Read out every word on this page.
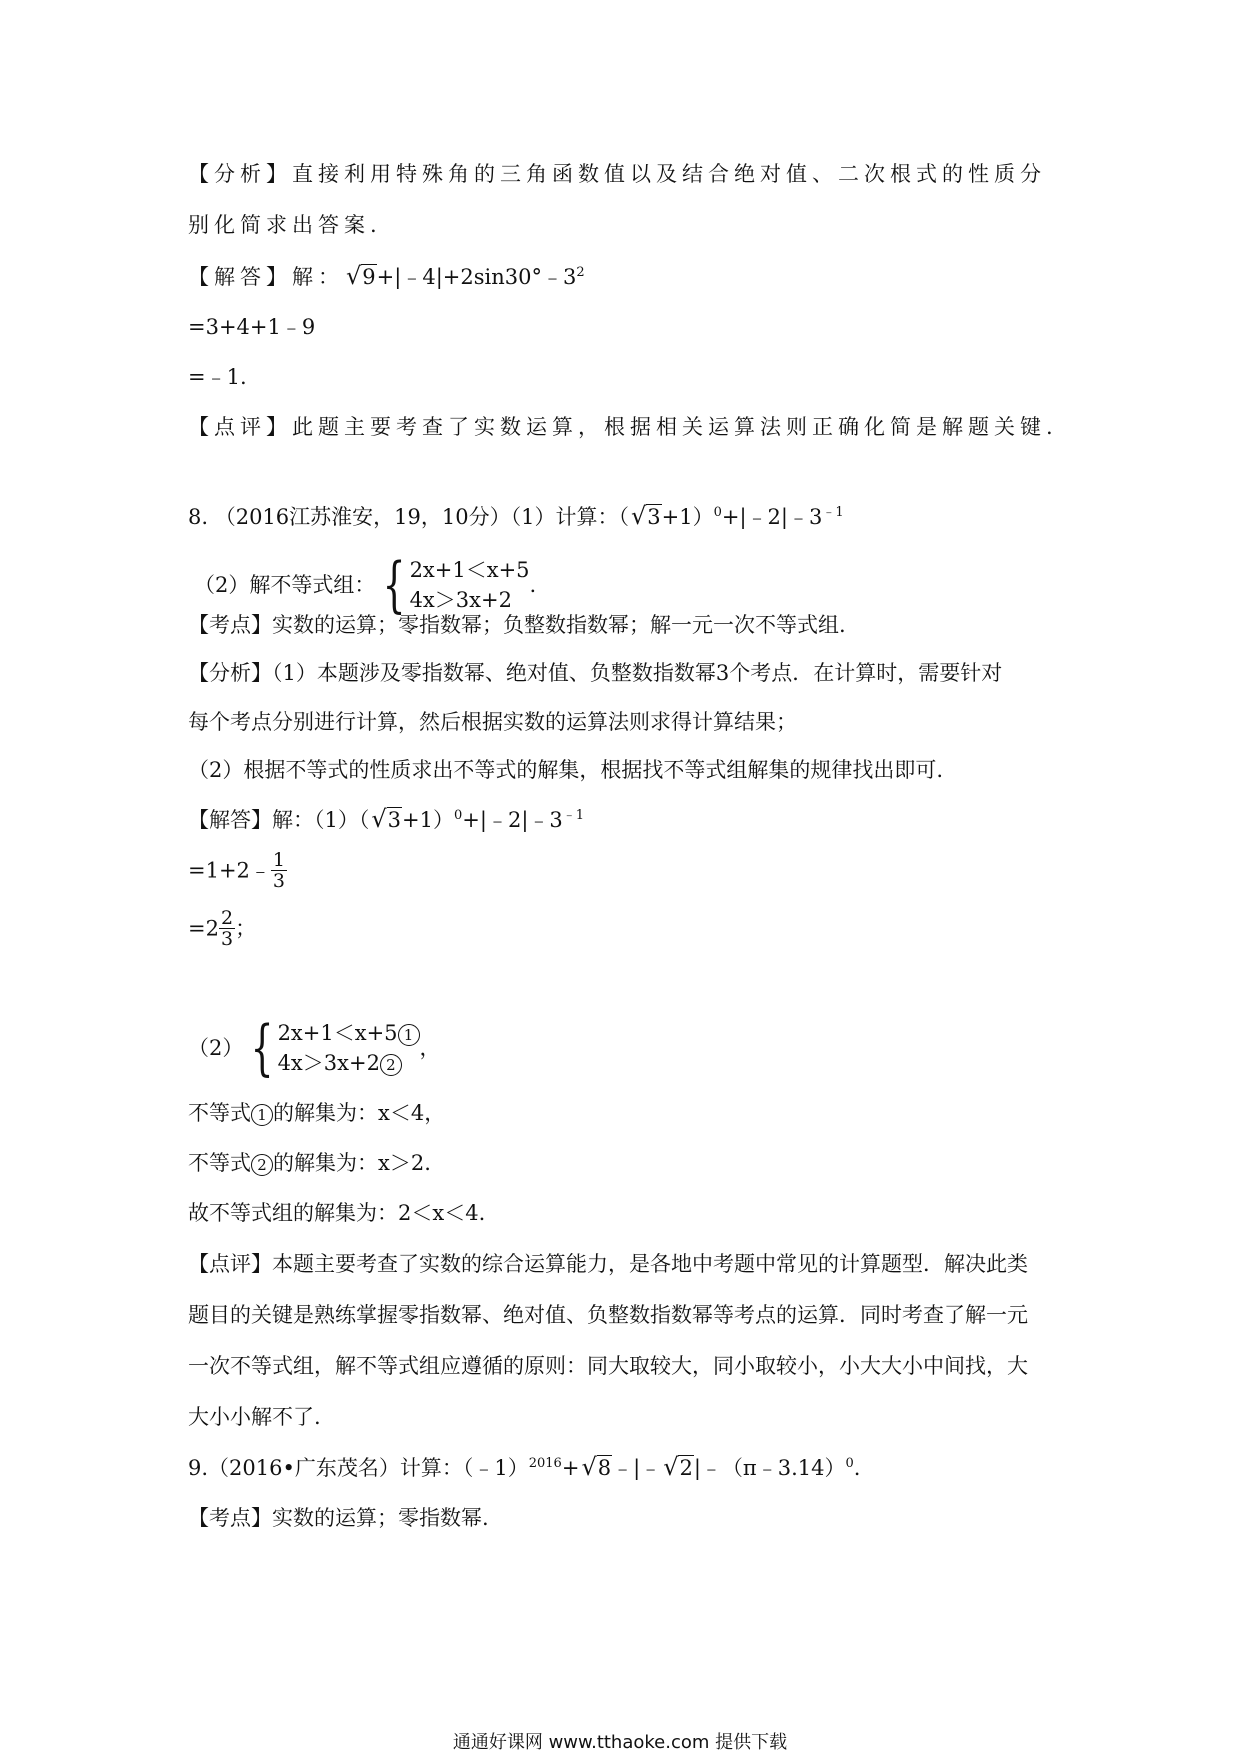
【分析】直接利用特殊角的三角函数值以及结合绝对值、二次根式的性质分
别化简求出答案.
【解答】解：$√9+|﹣4|+2\sin 30^\circ﹣3^2$
=3+4+1﹣9
=﹣1.
【点评】此题主要考查了实数运算，根据相关运算法则正确化简是解题关键.
8. （2016江苏淮安，19，10分）（1）计算：$(√3+1)^0+|﹣2|﹣3^{﹣1}$
（2）解不等式组： { 2x+1＜x+5
4x＞3x+2
.
【考点】实数的运算；零指数幂；负整数指数幂；解一元一次不等式组.
【分析】（1）本题涉及零指数幂、绝对值、负整数指数幂3个考点．在计算时，需要针对
每个考点分别进行计算，然后根据实数的运算法则求得计算结果；
（2）根据不等式的性质求出不等式的解集，根据找不等式组解集的规律找出即可.
【解答】解：$(1)(√3+1)^0+|﹣2|﹣3^{﹣1}$
=1+2﹣ $\frac{1}{3}$
$=2 \frac{2}{3}$ ；
（2） { 2x+1＜x+5 1
4x＞3x+2 2
，
不等式 1 的解集为：x＜4，
不等式 2 的解集为：x＞2.
故不等式组的解集为：2＜x＜4.
【点评】本题主要考查了实数的综合运算能力，是各地中考题中常见的计算题型．解决此类
题目的关键是熟练掌握零指数幂、绝对值、负整数指数幂等考点的运算．同时考查了解一元
一次不等式组，解不等式组应遵循的原则：同大取较大，同小取较小，小大大小中间找，大
大小小解不了.
9.（2016•广东茂名）计算：（﹣1）$^{2016}$+√8﹣|﹣√2|﹣（π﹣3.14）$^0$.
【考点】实数的运算；零指数幂.
通通好课网 www.tthaoke.com 提供下载
